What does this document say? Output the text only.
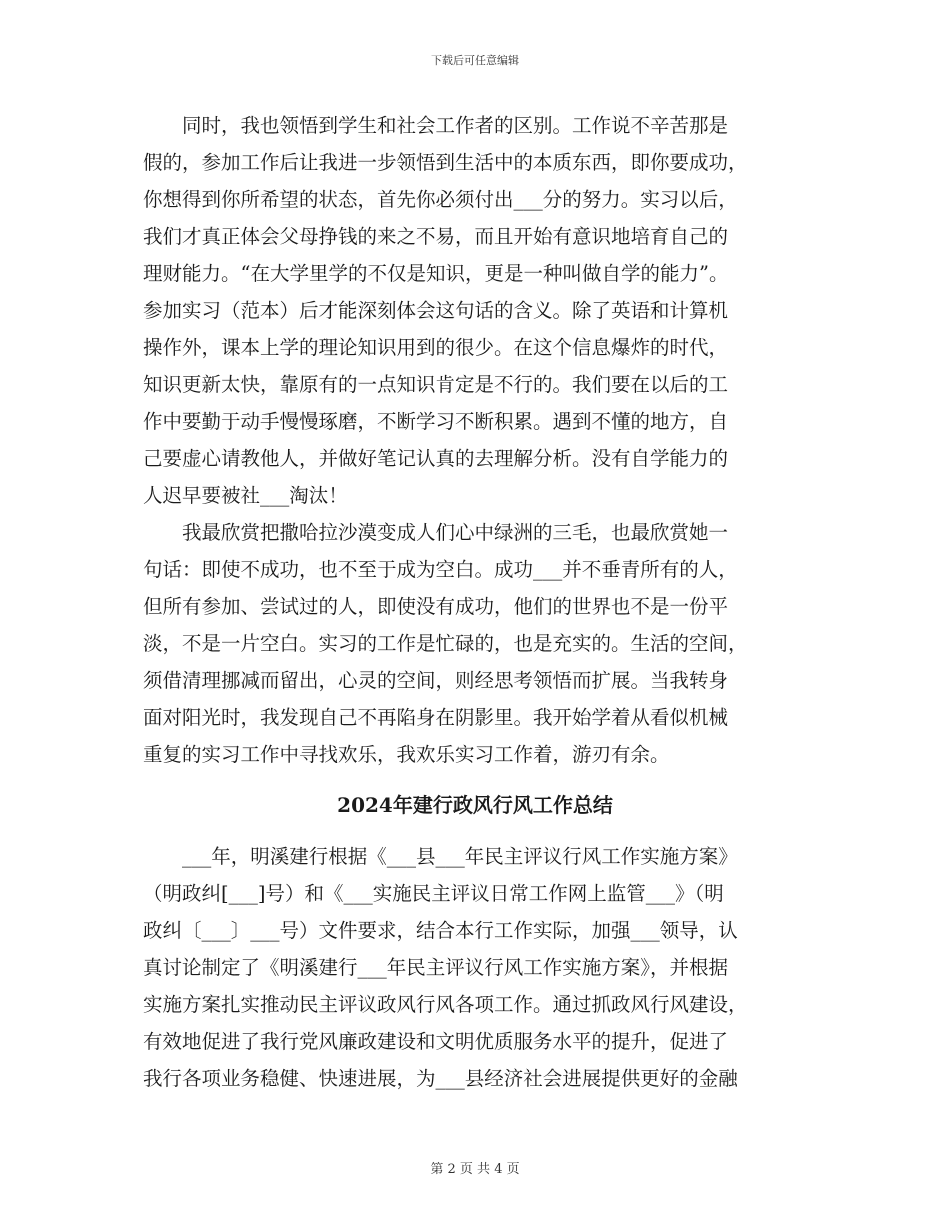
下载后可任意编辑
　　同时，我也领悟到学生和社会工作者的区别。工作说不辛苦那是
假的，参加工作后让我进一步领悟到生活中的本质东西，即你要成功，
你想得到你所希望的状态，首先你必须付出___分的努力。实习以后，
我们才真正体会父母挣钱的来之不易，而且开始有意识地培育自己的
理财能力。“在大学里学的不仅是知识，更是一种叫做自学的能力”。
参加实习（范本）后才能深刻体会这句话的含义。除了英语和计算机
操作外，课本上学的理论知识用到的很少。在这个信息爆炸的时代，
知识更新太快，靠原有的一点知识肯定是不行的。我们要在以后的工
作中要勤于动手慢慢琢磨，不断学习不断积累。遇到不懂的地方，自
己要虚心请教他人，并做好笔记认真的去理解分析。没有自学能力的
人迟早要被社___淘汰！
　　我最欣赏把撒哈拉沙漠变成人们心中绿洲的三毛，也最欣赏她一
句话：即使不成功，也不至于成为空白。成功___并不垂青所有的人，
但所有参加、尝试过的人，即使没有成功，他们的世界也不是一份平
淡，不是一片空白。实习的工作是忙碌的，也是充实的。生活的空间，
须借清理挪减而留出，心灵的空间，则经思考领悟而扩展。当我转身
面对阳光时，我发现自己不再陷身在阴影里。我开始学着从看似机械
重复的实习工作中寻找欢乐，我欢乐实习工作着，游刃有余。
2024年建行政风行风工作总结
　　___年，明溪建行根据《___县___年民主评议行风工作实施方案》
（明政纠[___]号）和《___实施民主评议日常工作网上监管___》（明
政纠〔___〕___号）文件要求，结合本行工作实际，加强___领导，认
真讨论制定了《明溪建行___年民主评议行风工作实施方案》，并根据
实施方案扎实推动民主评议政风行风各项工作。通过抓政风行风建设，
有效地促进了我行党风廉政建设和文明优质服务水平的提升，促进了
我行各项业务稳健、快速进展，为___县经济社会进展提供更好的金融
第 2 页 共 4 页
